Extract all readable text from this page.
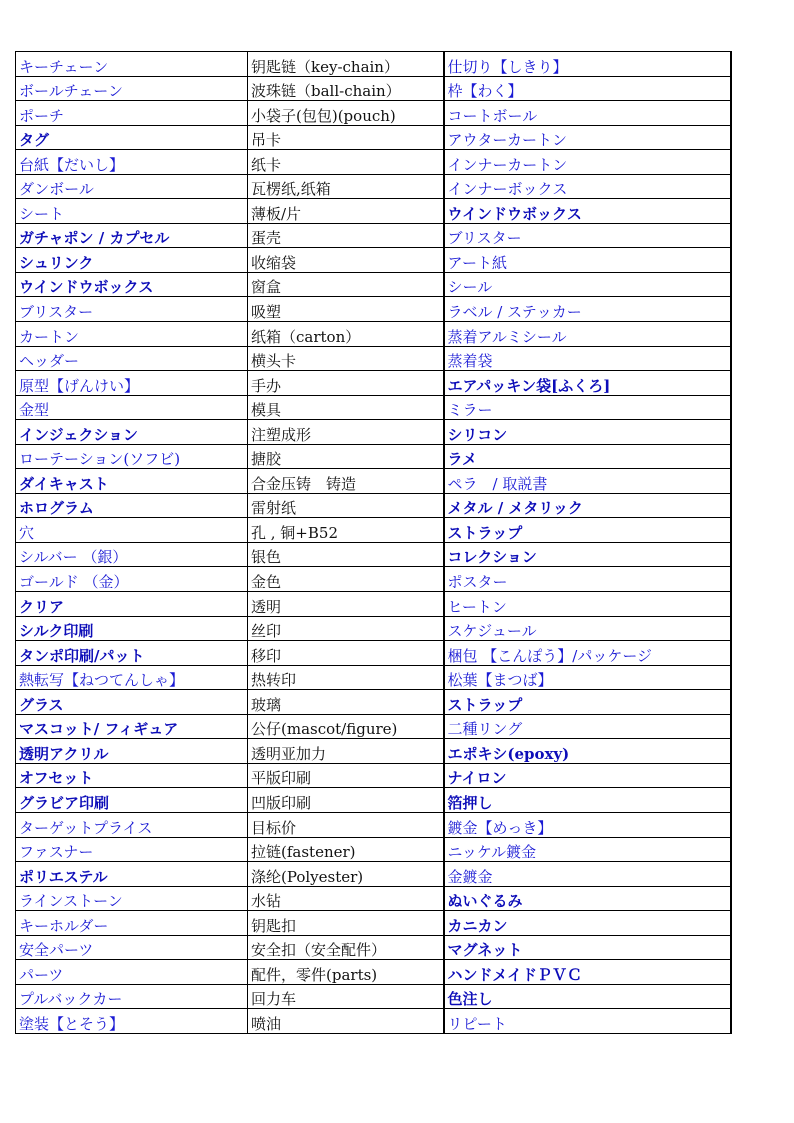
キーチェーン	钥匙链（key-chain）	仕切り【しきり】
ボールチェーン	波珠链（ball-chain）	枠【わく】
ポーチ	小袋子(包包)(pouch)	コートボール
タグ	吊卡	アウターカートン
台紙【だいし】	纸卡	インナーカートン
ダンボール	瓦楞纸,纸箱	インナーボックス
シート	薄板/片	ウインドウボックス
ガチャポン / カプセル	蛋壳	ブリスター
シュリンク	收缩袋	アート紙
ウインドウボックス	窗盒	シール
ブリスター	吸塑	ラベル / ステッカー
カートン	纸箱（carton）	蒸着アルミシール
ヘッダー	横头卡	蒸着袋
原型【げんけい】	手办	エアパッキン袋[ふくろ]
金型	模具	ミラー
インジェクション	注塑成形	シリコン
ローテーション(ソフビ)	搪胶	ラメ
ダイキャスト	合金压铸　铸造	ペラ　/ 取説書
ホログラム	雷射纸	メタル / メタリック
穴	孔 , 铜+B52	ストラップ
シルバー （銀）	银色	コレクション
ゴールド （金）	金色	ポスター
クリア	透明	ヒートン
シルク印刷	丝印	スケジュール
タンポ印刷/パット	移印	梱包 【こんぽう】/パッケージ
熱転写【ねつてんしゃ】	热转印	松葉【まつば】
グラス	玻璃	ストラップ
マスコット/ フィギュア	公仔(mascot/figure)	二種リング
透明アクリル	透明亚加力	エポキシ(epoxy)
オフセット	平版印刷	ナイロン
グラビア印刷	凹版印刷	箔押し
ターゲットプライス	目标价	鍍金【めっき】
ファスナー	拉链(fastener)	ニッケル鍍金
ポリエステル	涤纶(Polyester)	金鍍金
ラインストーン	水钻	ぬいぐるみ
キーホルダー	钥匙扣	カニカン
安全パーツ	安全扣（安全配件）	マグネット
パーツ	配件，零件(parts)	ハンドメイドＰＶＣ
プルバックカー	回力车	色注し
塗装【とそう】	喷油	リピート
